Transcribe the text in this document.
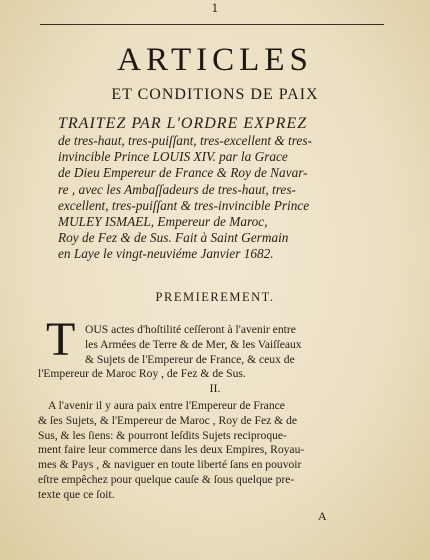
1
ARTICLES
ET CONDITIONS DE PAIX
TRAITEZ PAR L'ORDRE EXPREZ
de tres-haut, tres-puiſſant, tres-excellent & tres-
invincible Prince LOUIS XIV. par la Grace
de Dieu Empereur de France & Roy de Navar-
re , avec les Ambaſſadeurs de tres-haut, tres-
excellent, tres-puiſſant & tres-invincible Prince
MULEY ISMAEL, Empereur de Maroc,
Roy de Fez & de Sus. Fait à Saint Germain
en Laye le vingt-neuviéme Janvier 1682.
PREMIEREMENT.
T OUS actes d'hoſtilité ceſſeront à l'avenir entre
les Armées de Terre & de Mer, & les Vaiſſeaux
& Sujets de l'Empereur de France, & ceux de
l'Empereur de Maroc Roy , de Fez & de Sus.
II.
A l'avenir il y aura paix entre l'Empereur de France
& ſes Sujets, & l'Empereur de Maroc , Roy de Fez & de
Sus, & les ſiens: & pourront leſdits Sujets reciproque-
ment faire leur commerce dans les deux Empires, Royau-
mes & Pays , & naviguer en toute liberté ſans en pouvoir
eſtre empêchez pour quelque cauſe & ſous quelque pre-
texte que ce ſoit.
A
